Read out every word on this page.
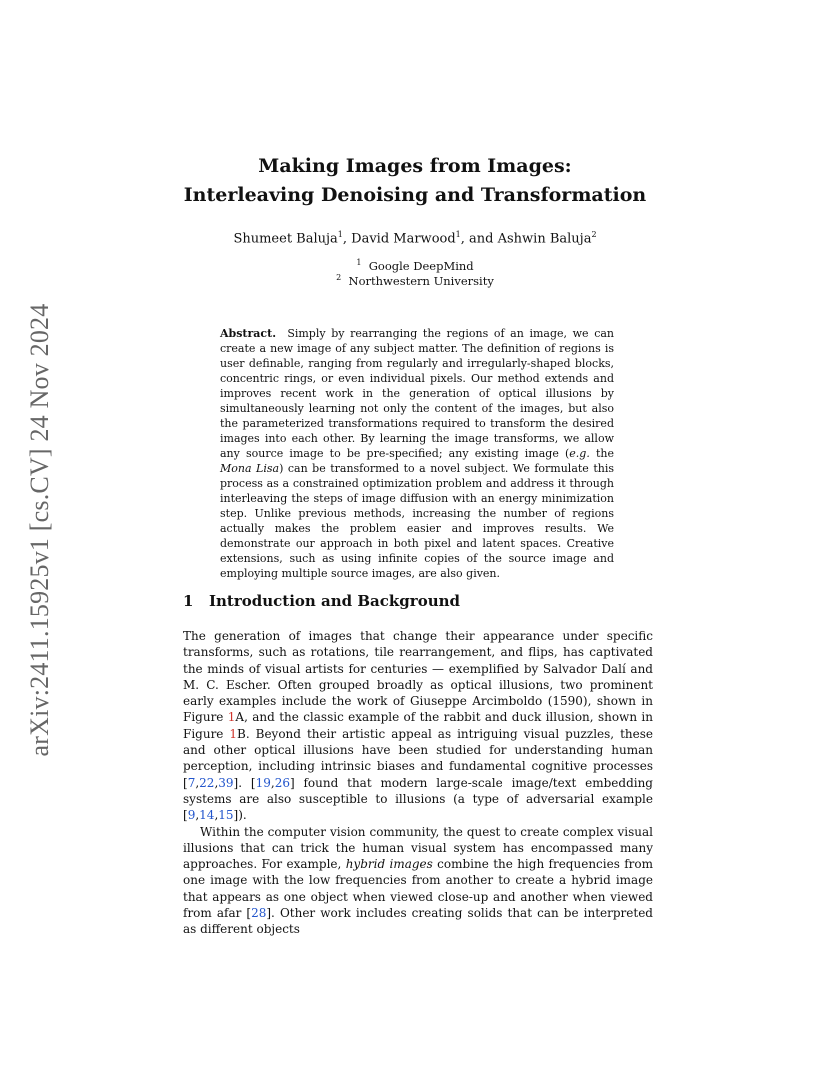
arXiv:2411.15925v1 [cs.CV] 24 Nov 2024
Making Images from Images:
Interleaving Denoising and Transformation
Shumeet Baluja$^1$, David Marwood$^1$, and Ashwin Baluja$^2$
$^1$ Google DeepMind
$^2$ Northwestern University
Abstract. Simply by rearranging the regions of an image, we can create a new image of any subject matter. The definition of regions is user definable, ranging from regularly and irregularly-shaped blocks, concentric rings, or even individual pixels. Our method extends and improves recent work in the generation of optical illusions by simultaneously learning not only the content of the images, but also the parameterized transformations required to transform the desired images into each other. By learning the image transforms, we allow any source image to be pre-specified; any existing image (e.g. the Mona Lisa) can be transformed to a novel subject. We formulate this process as a constrained optimization problem and address it through interleaving the steps of image diffusion with an energy minimization step. Unlike previous methods, increasing the number of regions actually makes the problem easier and improves results. We demonstrate our approach in both pixel and latent spaces. Creative extensions, such as using infinite copies of the source image and employing multiple source images, are also given.
1 Introduction and Background

The generation of images that change their appearance under specific transforms, such as rotations, tile rearrangement, and flips, has captivated the minds of visual artists for centuries — exemplified by Salvador Dalí and M. C. Escher. Often grouped broadly as optical illusions, two prominent early examples include the work of Giuseppe Arcimboldo (1590), shown in Figure 1A, and the classic example of the rabbit and duck illusion, shown in Figure 1B. Beyond their artistic appeal as intriguing visual puzzles, these and other optical illusions have been studied for understanding human perception, including intrinsic biases and fundamental cognitive processes [7,22,39]. [19,26] found that modern large-scale image/text embedding systems are also susceptible to illusions (a type of adversarial example [9,14,15]).

Within the computer vision community, the quest to create complex visual illusions that can trick the human visual system has encompassed many approaches. For example, hybrid images combine the high frequencies from one image with the low frequencies from another to create a hybrid image that appears as one object when viewed close-up and another when viewed from afar [28]. Other work includes creating solids that can be interpreted as different objects
